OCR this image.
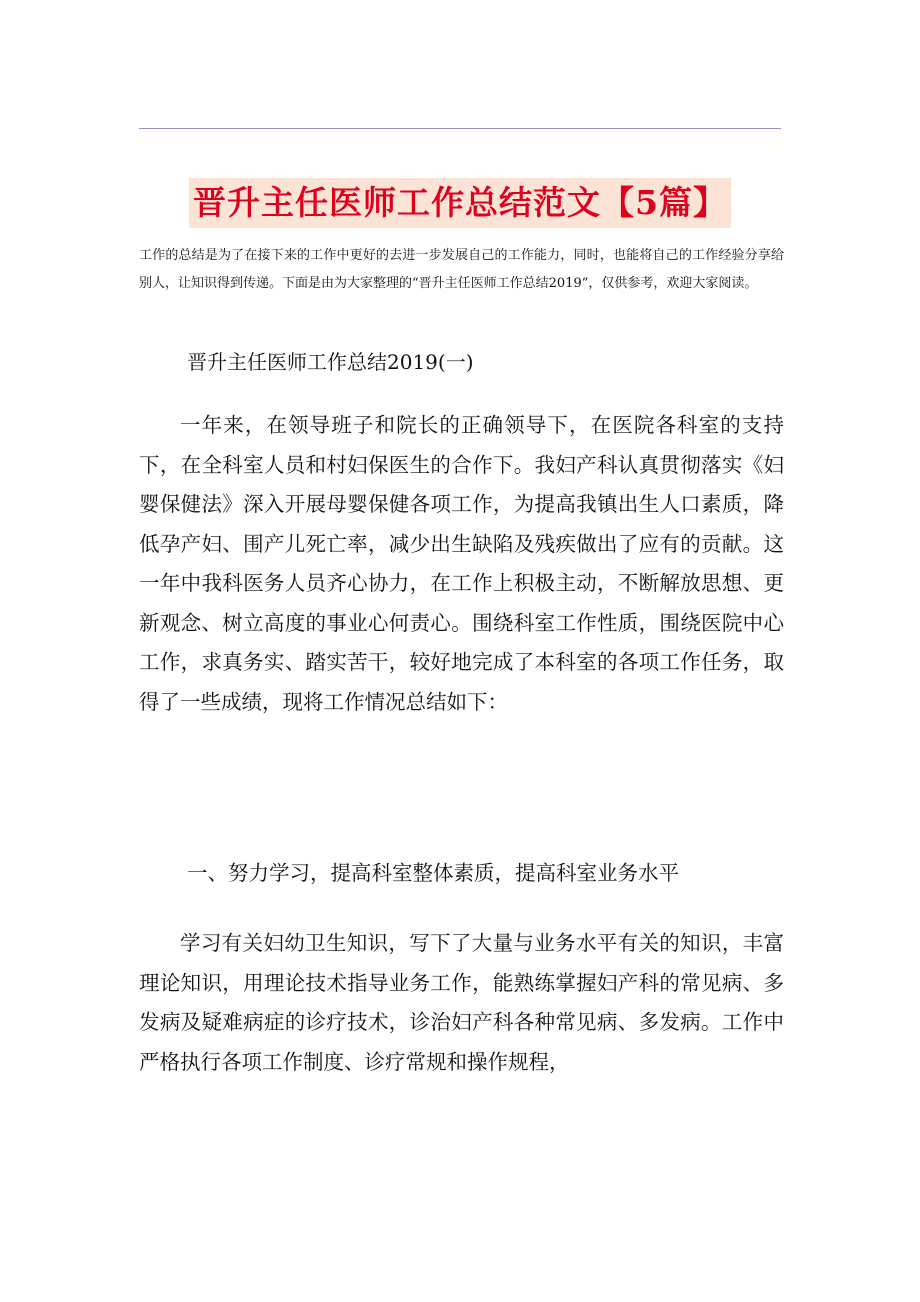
晋升主任医师工作总结范文【5篇】

工作的总结是为了在接下来的工作中更好的去进一步发展自己的工作能力，同时，也能将自己的工作经验分享给别人，让知识得到传递。下面是由为大家整理的“晋升主任医师工作总结2019”，仅供参考，欢迎大家阅读。

晋升主任医师工作总结2019(一)

一年来，在领导班子和院长的正确领导下，在医院各科室的支持下，在全科室人员和村妇保医生的合作下。我妇产科认真贯彻落实《妇婴保健法》深入开展母婴保健各项工作，为提高我镇出生人口素质，降低孕产妇、围产儿死亡率，减少出生缺陷及残疾做出了应有的贡献。这一年中我科医务人员齐心协力，在工作上积极主动，不断解放思想、更新观念、树立高度的事业心何责心。围绕科室工作性质，围绕医院中心工作，求真务实、踏实苦干，较好地完成了本科室的各项工作任务，取得了一些成绩，现将工作情况总结如下：

一、努力学习，提高科室整体素质，提高科室业务水平

学习有关妇幼卫生知识，写下了大量与业务水平有关的知识，丰富理论知识，用理论技术指导业务工作，能熟练掌握妇产科的常见病、多发病及疑难病症的诊疗技术，诊治妇产科各种常见病、多发病。工作中严格执行各项工作制度、诊疗常规和操作规程，
